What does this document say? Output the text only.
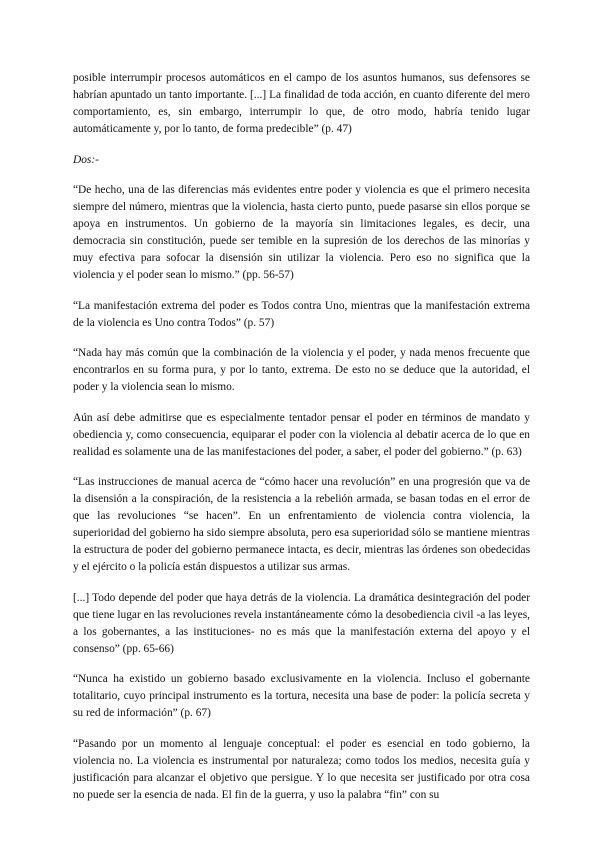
posible interrumpir procesos automáticos en el campo de los asuntos humanos, sus defensores se habrían apuntado un tanto importante. [...] La finalidad de toda acción, en cuanto diferente del mero comportamiento, es, sin embargo, interrumpir lo que, de otro modo, habría tenido lugar automáticamente y, por lo tanto, de forma predecible” (p. 47)

Dos:-

“De hecho, una de las diferencias más evidentes entre poder y violencia es que el primero necesita siempre del número, mientras que la violencia, hasta cierto punto, puede pasarse sin ellos porque se apoya en instrumentos. Un gobierno de la mayoría sin limitaciones legales, es decir, una democracia sin constitución, puede ser temible en la supresión de los derechos de las minorías y muy efectiva para sofocar la disensión sin utilizar la violencia. Pero eso no significa que la violencia y el poder sean lo mismo.” (pp. 56-57)

“La manifestación extrema del poder es Todos contra Uno, mientras que la manifestación extrema de la violencia es Uno contra Todos” (p. 57)

“Nada hay más común que la combinación de la violencia y el poder, y nada menos frecuente que encontrarlos en su forma pura, y por lo tanto, extrema. De esto no se deduce que la autoridad, el poder y la violencia sean lo mismo.

Aún así debe admitirse que es especialmente tentador pensar el poder en términos de mandato y obediencia y, como consecuencia, equiparar el poder con la violencia al debatir acerca de lo que en realidad es solamente una de las manifestaciones del poder, a saber, el poder del gobierno.” (p. 63)

“Las instrucciones de manual acerca de “cómo hacer una revolución” en una progresión que va de la disensión a la conspiración, de la resistencia a la rebelión armada, se basan todas en el error de que las revoluciones “se hacen”. En un enfrentamiento de violencia contra violencia, la superioridad del gobierno ha sido siempre absoluta, pero esa superioridad sólo se mantiene mientras la estructura de poder del gobierno permanece intacta, es decir, mientras las órdenes son obedecidas y el ejército o la policía están dispuestos a utilizar sus armas.

[...] Todo depende del poder que haya detrás de la violencia. La dramática desintegración del poder que tiene lugar en las revoluciones revela instantáneamente cómo la desobediencia civil -a las leyes, a los gobernantes, a las instituciones- no es más que la manifestación externa del apoyo y el consenso” (pp. 65-66)

“Nunca ha existido un gobierno basado exclusivamente en la violencia. Incluso el gobernante totalitario, cuyo principal instrumento es la tortura, necesita una base de poder: la policía secreta y su red de información” (p. 67)

“Pasando por un momento al lenguaje conceptual: el poder es esencial en todo gobierno, la violencia no. La violencia es instrumental por naturaleza; como todos los medios, necesita guía y justificación para alcanzar el objetivo que persigue. Y lo que necesita ser justificado por otra cosa no puede ser la esencia de nada. El fin de la guerra, y uso la palabra “fin” con su
